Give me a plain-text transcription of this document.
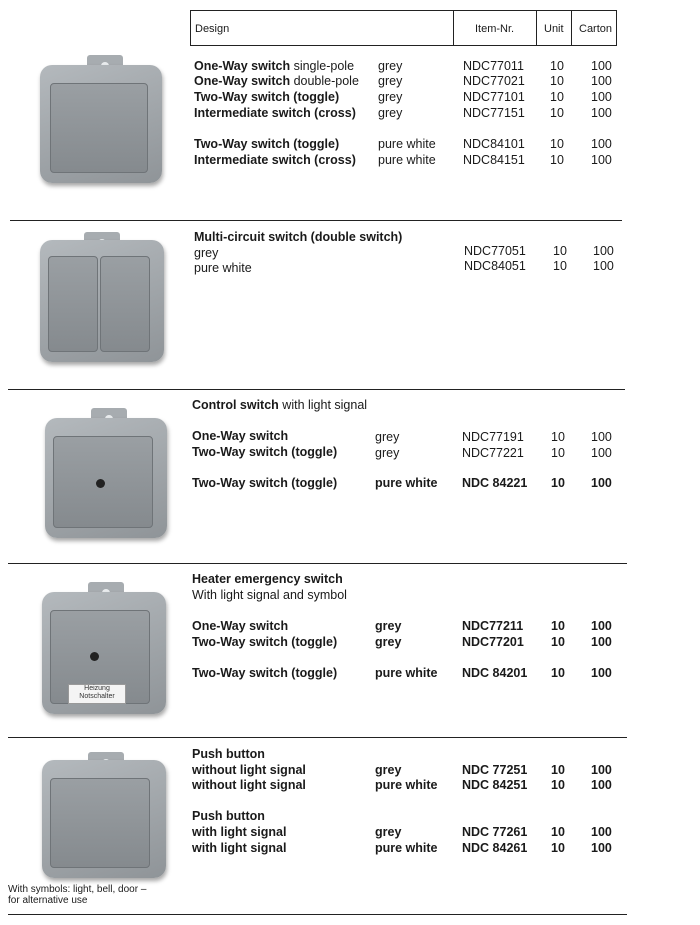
Design	Item-Nr.	Unit Carton
One-Way switch single-pole grey	NDC77011 10 100
One-Way switch double-pole grey	NDC77021 10 100
Two-Way switch (toggle)	grey	NDC77101 10 100
Intermediate switch (cross) grey	NDC77151 10 100
Two-Way switch (toggle)	pure white NDC84101 10 100
Intermediate switch (cross) pure white NDC84151 10 100
Multi-circuit switch (double switch)
grey	NDC77051 10 100
pure white	NDC84051 10 100
Control switch with light signal
One-Way switch	grey	NDC77191 10 100
Two-Way switch (toggle)	grey	NDC77221 10 100
Two-Way switch (toggle)	pure white NDC 84221 10 100
Heizung
Notschalter
Heater emergency switch
With light signal and symbol
One-Way switch	grey	NDC77211 10 100
Two-Way switch (toggle)	grey	NDC77201 10 100
Two-Way switch (toggle)	pure white NDC 84201 10 100
Push button
without light signal	grey	NDC 77251 10 100
without light signal	pure white NDC 84251 10 100
Push button
with light signal	grey	NDC 77261 10 100
with light signal	pure white NDC 84261 10 100
With symbols: light, bell, door –
for alternative use
